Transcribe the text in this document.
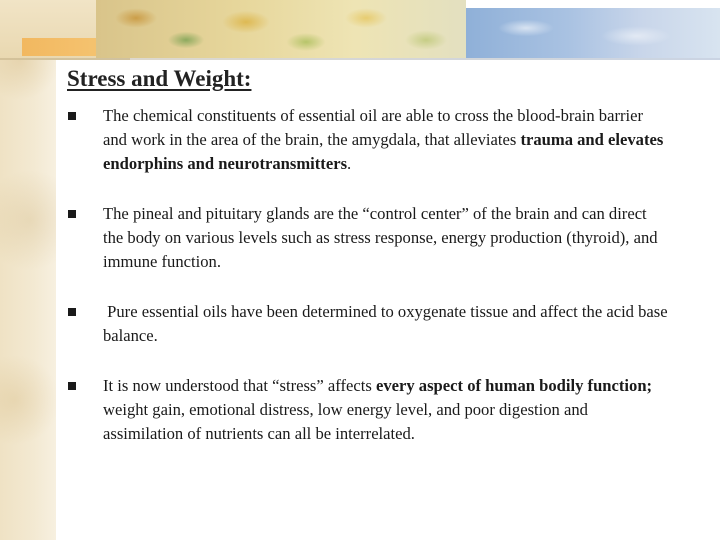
Stress and Weight:
The chemical constituents of essential oil are able to cross the blood-brain barrier and work in the area of the brain, the amygdala, that alleviates trauma and elevates endorphins and neurotransmitters.
The pineal and pituitary glands are the “control center” of the brain and can direct the body on various levels such as stress response, energy production (thyroid), and immune function.
Pure essential oils have been determined to oxygenate tissue and affect the acid base balance.
It is now understood that “stress” affects every aspect of human bodily function; weight gain, emotional distress, low energy level, and poor digestion and assimilation of nutrients can all be interrelated.
